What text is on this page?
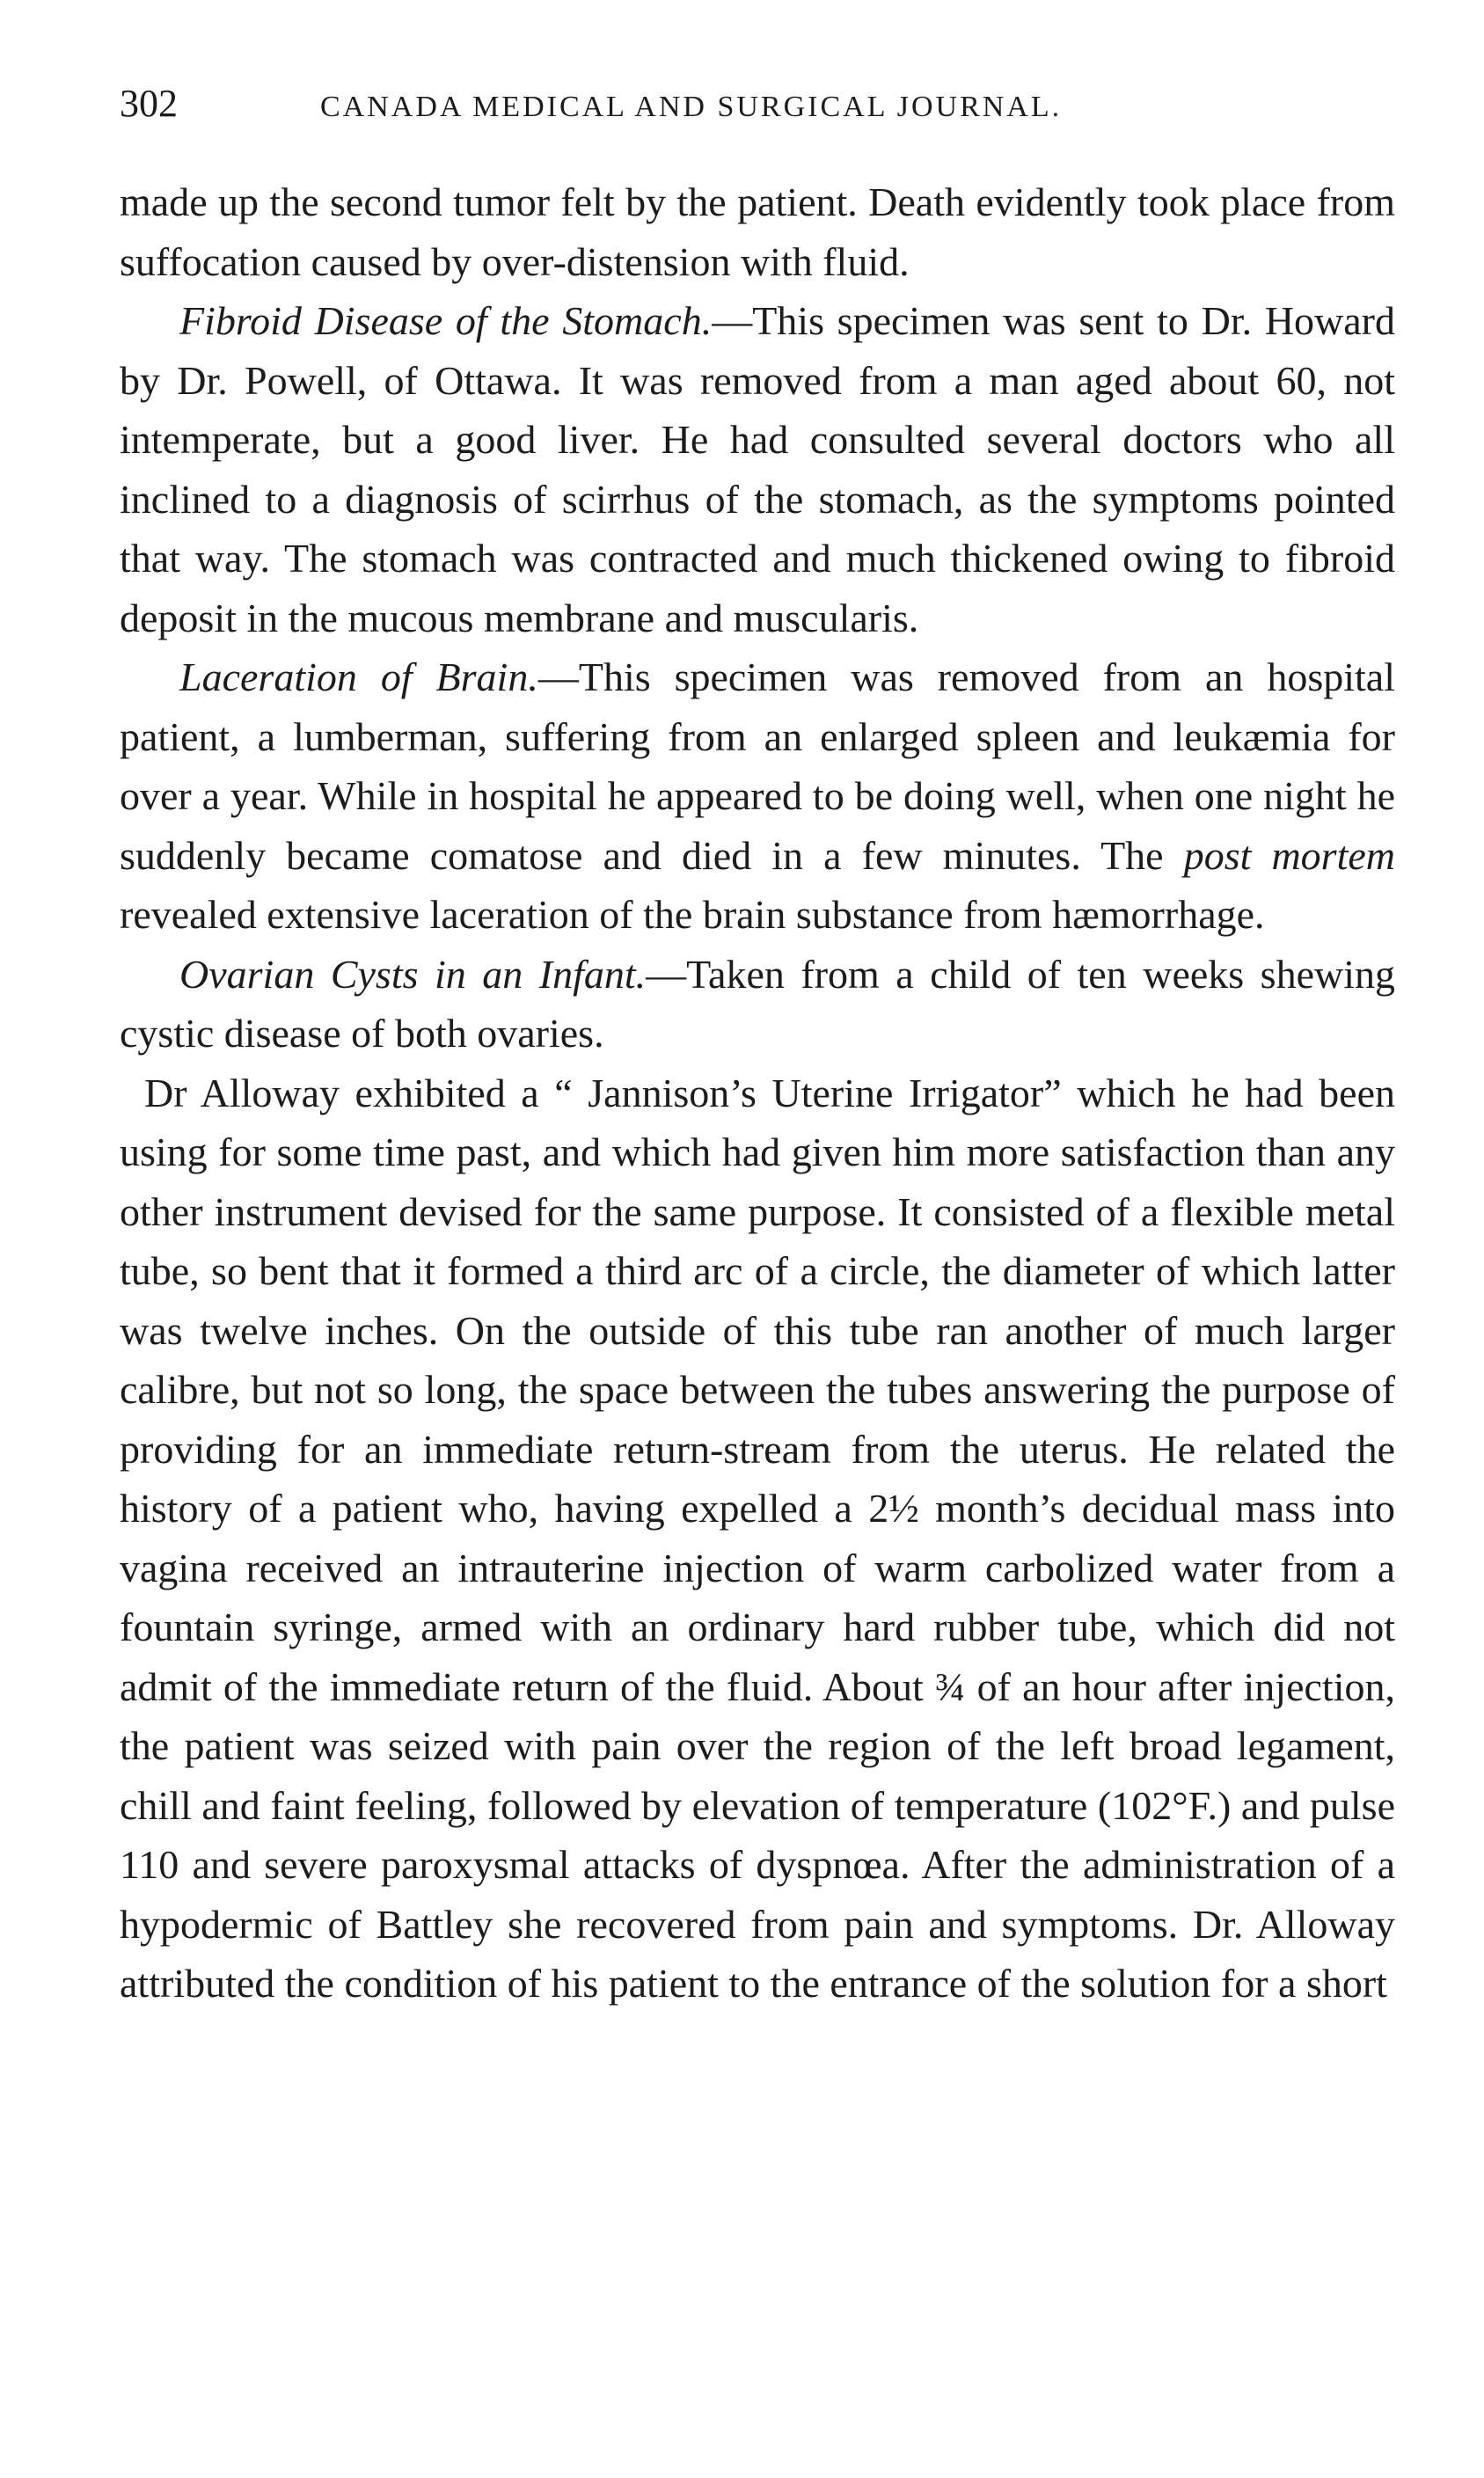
302	CANADA MEDICAL AND SURGICAL JOURNAL.

made up the second tumor felt by the patient. Death evidently took place from suffocation caused by over-distension with fluid.

Fibroid Disease of the Stomach.—This specimen was sent to Dr. Howard by Dr. Powell, of Ottawa. It was removed from a man aged about 60, not intemperate, but a good liver. He had consulted several doctors who all inclined to a diagnosis of scirrhus of the stomach, as the symptoms pointed that way. The stomach was contracted and much thickened owing to fibroid deposit in the mucous membrane and muscularis.

Laceration of Brain.—This specimen was removed from an hospital patient, a lumberman, suffering from an enlarged spleen and leukæmia for over a year. While in hospital he appeared to be doing well, when one night he suddenly became comatose and died in a few minutes. The post mortem revealed extensive laceration of the brain substance from hæmorrhage.

Ovarian Cysts in an Infant.—Taken from a child of ten weeks shewing cystic disease of both ovaries.

Dr Alloway exhibited a “ Jannison’s Uterine Irrigator” which he had been using for some time past, and which had given him more satisfaction than any other instrument devised for the same purpose. It consisted of a flexible metal tube, so bent that it formed a third arc of a circle, the diameter of which latter was twelve inches. On the outside of this tube ran another of much larger calibre, but not so long, the space between the tubes answering the purpose of providing for an immediate return-stream from the uterus. He related the history of a patient who, having expelled a 2½ month’s decidual mass into vagina received an intrauterine injection of warm carbolized water from a fountain syringe, armed with an ordinary hard rubber tube, which did not admit of the immediate return of the fluid. About ¾ of an hour after injection, the patient was seized with pain over the region of the left broad legament, chill and faint feeling, followed by elevation of temperature (102°F.) and pulse 110 and severe paroxysmal attacks of dyspnœa. After the administration of a hypodermic of Battley she recovered from pain and symptoms. Dr. Alloway attributed the condition of his patient to the entrance of the solution for a short
